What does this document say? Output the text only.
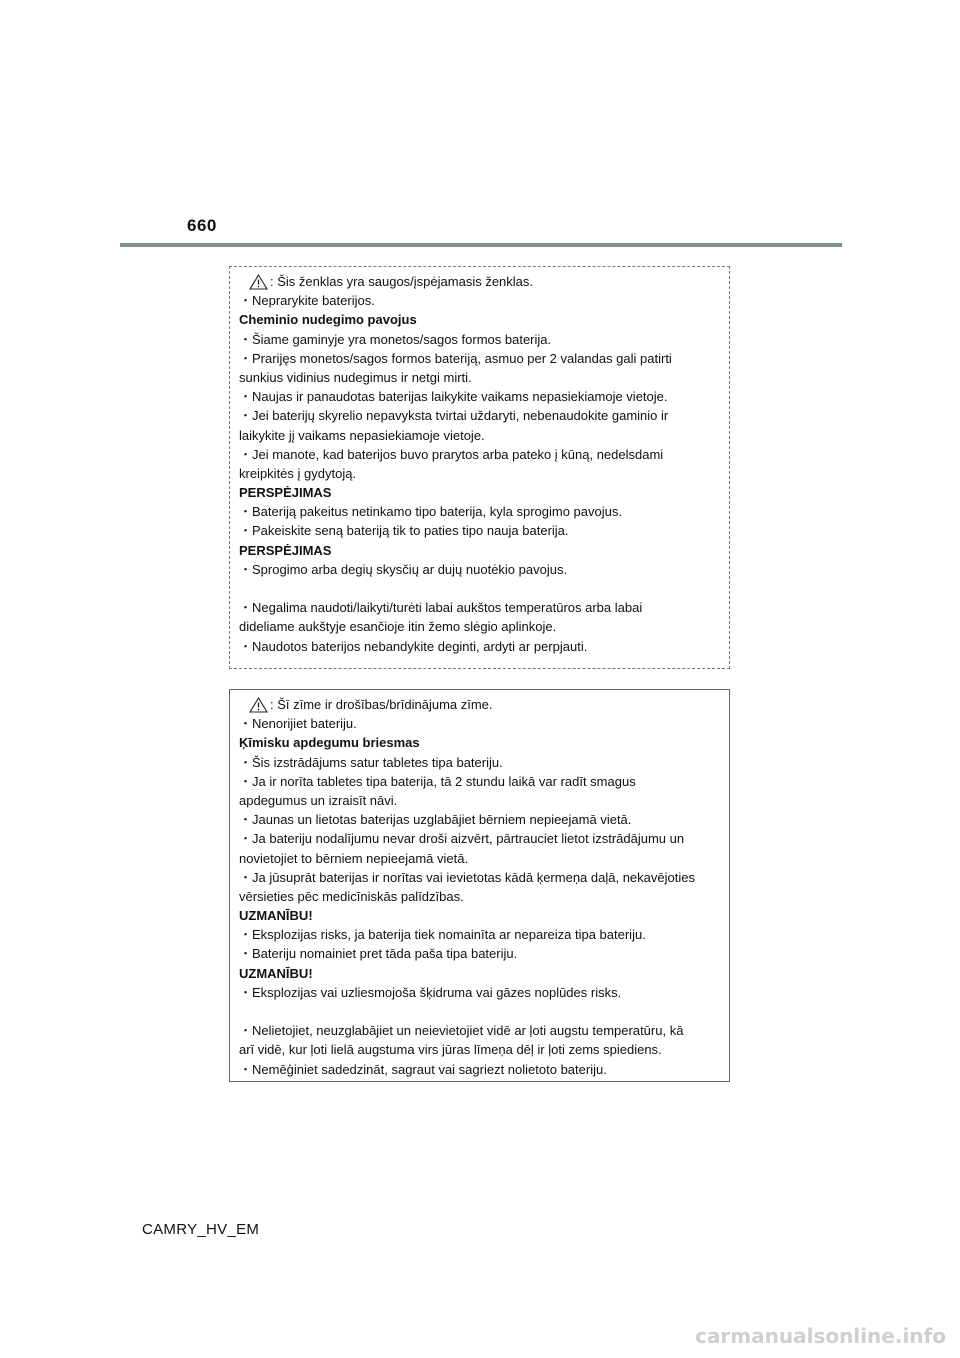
660
: Šis ženklas yra saugos/įspėjamasis ženklas.
・Neprarykite baterijos.
Cheminio nudegimo pavojus
・Šiame gaminyje yra monetos/sagos formos baterija.
・Prarijęs monetos/sagos formos bateriją, asmuo per 2 valandas gali patirti
sunkius vidinius nudegimus ir netgi mirti.
・Naujas ir panaudotas baterijas laikykite vaikams nepasiekiamoje vietoje.
・Jei baterijų skyrelio nepavyksta tvirtai uždaryti, nebenaudokite gaminio ir
laikykite jį vaikams nepasiekiamoje vietoje.
・Jei manote, kad baterijos buvo prarytos arba pateko į kūną, nedelsdami
kreipkitės į gydytoją.
PERSPĖJIMAS
・Bateriją pakeitus netinkamo tipo baterija, kyla sprogimo pavojus.
・Pakeiskite seną bateriją tik to paties tipo nauja baterija.
PERSPĖJIMAS
・Sprogimo arba degių skysčių ar dujų nuotėkio pavojus.
・Negalima naudoti/laikyti/turėti labai aukštos temperatūros arba labai
dideliame aukštyje esančioje itin žemo slėgio aplinkoje.
・Naudotos baterijos nebandykite deginti, ardyti ar perpjauti.
: Šī zīme ir drošības/brīdinājuma zīme.
・Nenorijiet bateriju.
Ķīmisku apdegumu briesmas
・Šis izstrādājums satur tabletes tipa bateriju.
・Ja ir norīta tabletes tipa baterija, tā 2 stundu laikā var radīt smagus
apdegumus un izraisīt nāvi.
・Jaunas un lietotas baterijas uzglabājiet bērniem nepieejamā vietā.
・Ja bateriju nodalījumu nevar droši aizvērt, pārtrauciet lietot izstrādājumu un
novietojiet to bērniem nepieejamā vietā.
・Ja jūsuprāt baterijas ir norītas vai ievietotas kādā ķermeņa daļā, nekavējoties
vērsieties pēc medicīniskās palīdzības.
UZMANĪBU!
・Eksplozijas risks, ja baterija tiek nomainīta ar nepareiza tipa bateriju.
・Bateriju nomainiet pret tāda paša tipa bateriju.
UZMANĪBU!
・Eksplozijas vai uzliesmojoša šķidruma vai gāzes noplūdes risks.
・Nelietojiet, neuzglabājiet un neievietojiet vidē ar ļoti augstu temperatūru, kā
arī vidē, kur ļoti lielā augstuma virs jūras līmeņa dēļ ir ļoti zems spiediens.
・Nemēģiniet sadedzināt, sagraut vai sagriezt nolietoto bateriju.
CAMRY_HV_EM
carmanualsonline.info
